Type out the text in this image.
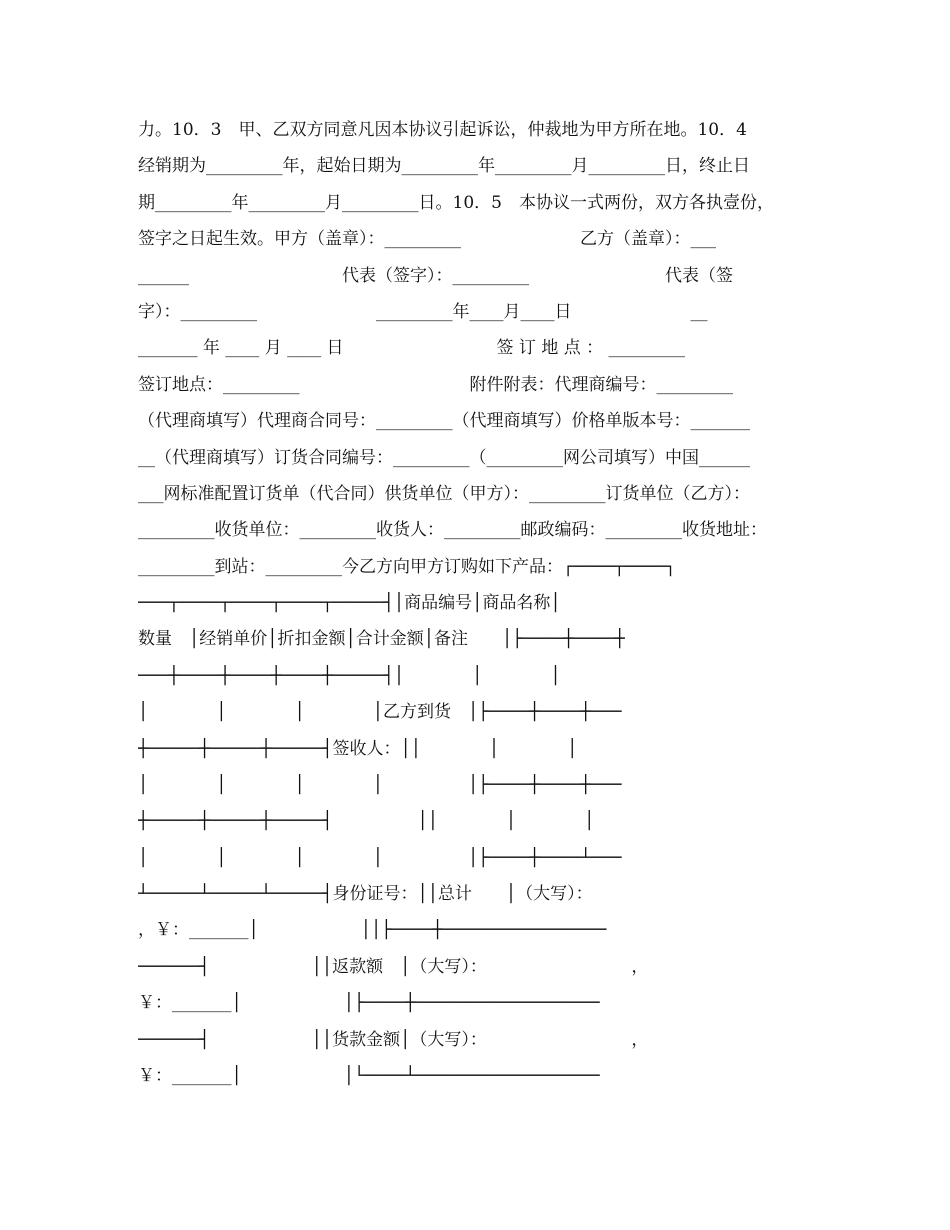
力。10．3　甲、乙双方同意凡因本协议引起诉讼，仲裁地为甲方所在地。10．4
经销期为_________年，起始日期为_________年_________月_________日，终止日
期_________年_________月_________日。10．5　本协议一式两份，双方各执壹份，
签字之日起生效。甲方（盖章）：_________　　　　　　　乙方（盖章）：___
______　　　　　　　　　代表（签字）：_________　　　　　　　　代表（签
字）：_________　　　　　　　_________年____月____日　　　　　　　__
_______ 年 ____ 月 ____ 日　　　　　　　　　签 订 地 点 ： _________
签订地点：_________　　　　　　　　　　附件附表：代理商编号：_________
（代理商填写）代理商合同号：_________（代理商填写）价格单版本号：_______
__（代理商填写）订货合同编号：_________（_________网公司填写）中国______
___网标准配置订货单（代合同）供货单位（甲方）：_________订货单位（乙方）：
_________收货单位：_________收货人：_________邮政编码：_________收货地址：
_________到站：_________今乙方向甲方订购如下产品：┌────┬────┐
───┬────┬────┬────┬─────┤│商品编号│商品名称│
数量　│经销单价│折扣金额│合计金额│备注　　│├────┼────┼
───┼────┼────┼────┼─────┤│　　　　│　　　　│
│　　　　│　　　　│　　　　│乙方到货　│├────┼────┼───
┼─────┼─────┼─────┤签收人：││　　　　│　　　　│
│　　　　│　　　　│　　　　│　　　　　│├────┼────┼───
┼─────┼─────┼─────┤　　　　　││　　　　│　　　　│
│　　　　│　　　　│　　　　│　　　　　│├────┼────┴───
┴─────┴─────┴─────┤身份证号：││总计　　│（大写）：
，￥：_______│　　　　　　││├────┼────────────────
──────┤　　　　　　││返款额　│（大写）：　　　　　　　　　，
￥：_______│　　　　　　│├────┼──────────────────
──────┤　　　　　　││货款金额│（大写）：　　　　　　　　　，
￥：_______│　　　　　　│└────┴──────────────────
